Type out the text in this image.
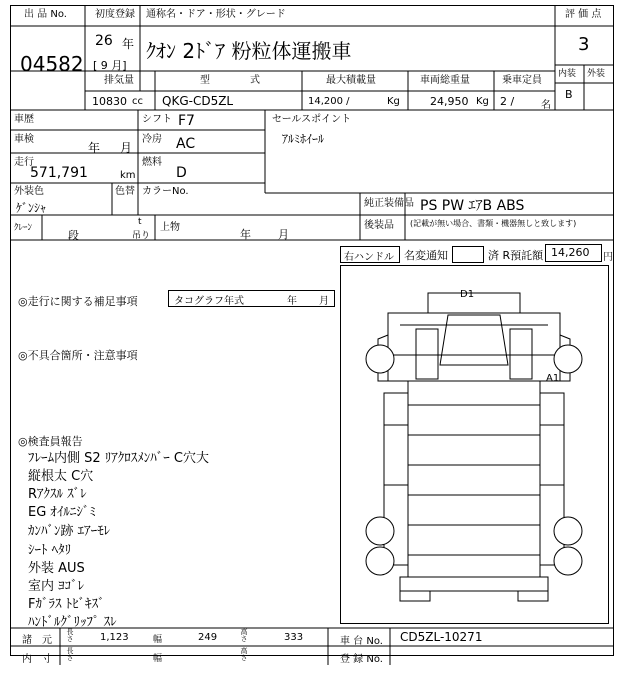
出 品 No.
04582
初度登録
26 年
[ 9 月]
通称名・ドア・形状・グレード
ｸｵﾝ 2ﾄﾞｱ 粉粒体運搬車
評 価 点
3
内装 外装
B
排気量
10830 cc
型　　　　式
QKG-CD5ZL
最大積載量
14,200 /	Kg
車両総重量
24,950 Kg
乗車定員
2 /	名
車歴	シフト F7
車検
年 月
冷房 AC
走行
571,791	km
燃料
D
外装色
ｹﾞﾝｼｬ
色替 カラーNo.
セールスポイント
ｱﾙﾐﾎｲｰﾙ
純正装備品 PS PW ｴｱB ABS
後装品 (記載が無い場合、書類・機器無しと致します)
ｸﾚｰﾝ
段
t
吊り
上物
年 月
右ハンドル 名変通知	済 R預託額 14,260 円
◎走行に関する補足事項	タコグラフ年式	年 月
◎不具合箇所・注意事項
◎検査員報告
ﾌﾚｰﾑ内側 S2 ﾘｱｸﾛｽﾒﾝﾊﾞｰ C穴大
縦根太 C穴
Rｱｸｽﾙ ｽﾞﾚ
EG ｵｲﾙﾆｼﾞﾐ
ｶﾝﾊﾞﾝ跡 ｴｱｰﾓﾚ
ｼｰﾄ ﾍﾀﾘ
外装 AUS
室内 ﾖｺﾞﾚ
Fｶﾞﾗｽ ﾄﾋﾞｷｽﾞ
ﾊﾝﾄﾞﾙｸﾞﾘｯﾌﾟ ｽﾚ
D1
A1
諸　元
内　寸
長さ	1,123
長さ
幅	249
幅
高さ	333
高さ
車 台 No. CD5ZL-10271
登 録 No.
